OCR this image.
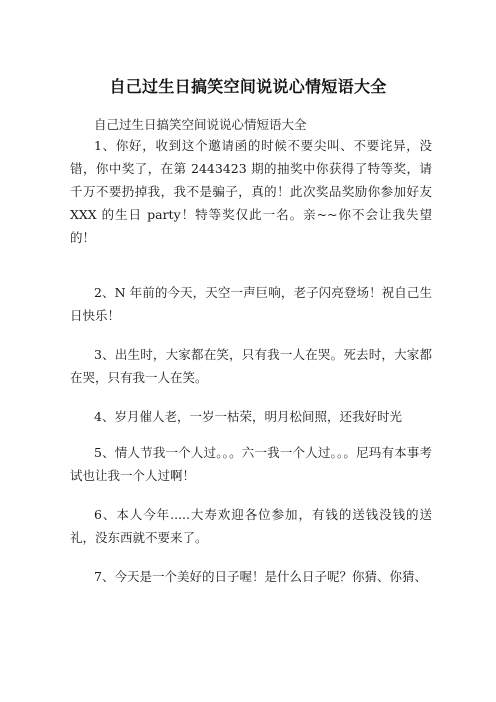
自己过生日搞笑空间说说心情短语大全

自己过生日搞笑空间说说心情短语大全

1、你好，收到这个邀请函的时候不要尖叫、不要诧异，没错，你中奖了，在第 2443423 期的抽奖中你获得了特等奖，请千万不要扔掉我，我不是骗子，真的！此次奖品奖励你参加好友 XXX 的生日 party！特等奖仅此一名。亲~~你不会让我失望的！

2、N 年前的今天，天空一声巨响，老子闪亮登场！祝自己生日快乐！

3、出生时，大家都在笑，只有我一人在哭。死去时，大家都在哭，只有我一人在笑。

4、岁月催人老，一岁一枯荣，明月松间照，还我好时光

5、情人节我一个人过。。。六一我一个人过。。。尼玛有本事考试也让我一个人过啊！

6、本人今年.....大寿欢迎各位参加，有钱的送钱没钱的送礼，没东西就不要来了。

7、今天是一个美好的日子喔！是什么日子呢？你猜、你猜、
